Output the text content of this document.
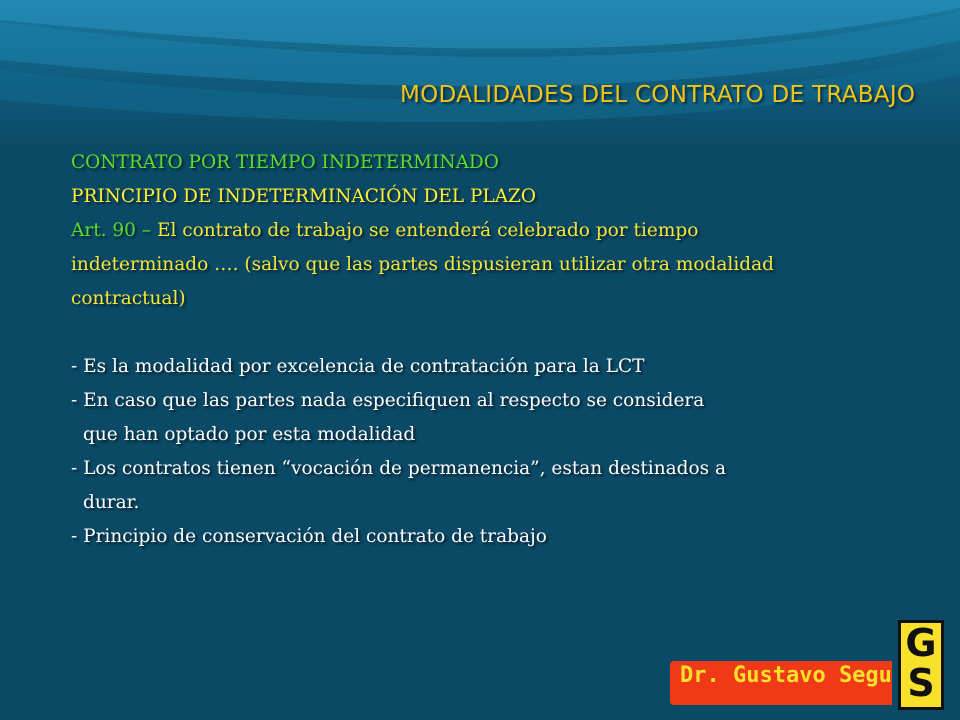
MODALIDADES DEL CONTRATO DE TRABAJO
CONTRATO POR TIEMPO INDETERMINADO
PRINCIPIO DE INDETERMINACIÓN DEL PLAZO
Art. 90 – El contrato de trabajo se entenderá celebrado por tiempo
indeterminado …. (salvo que las partes dispusieran utilizar otra modalidad
contractual)
- Es la modalidad por excelencia de contratación para la LCT
- En caso que las partes nada especifiquen al respecto se considera
que han optado por esta modalidad
- Los contratos tienen “vocación de permanencia”, estan destinados a
durar.
- Principio de conservación del contrato de trabajo
Dr. Gustavo Segu
G
S
